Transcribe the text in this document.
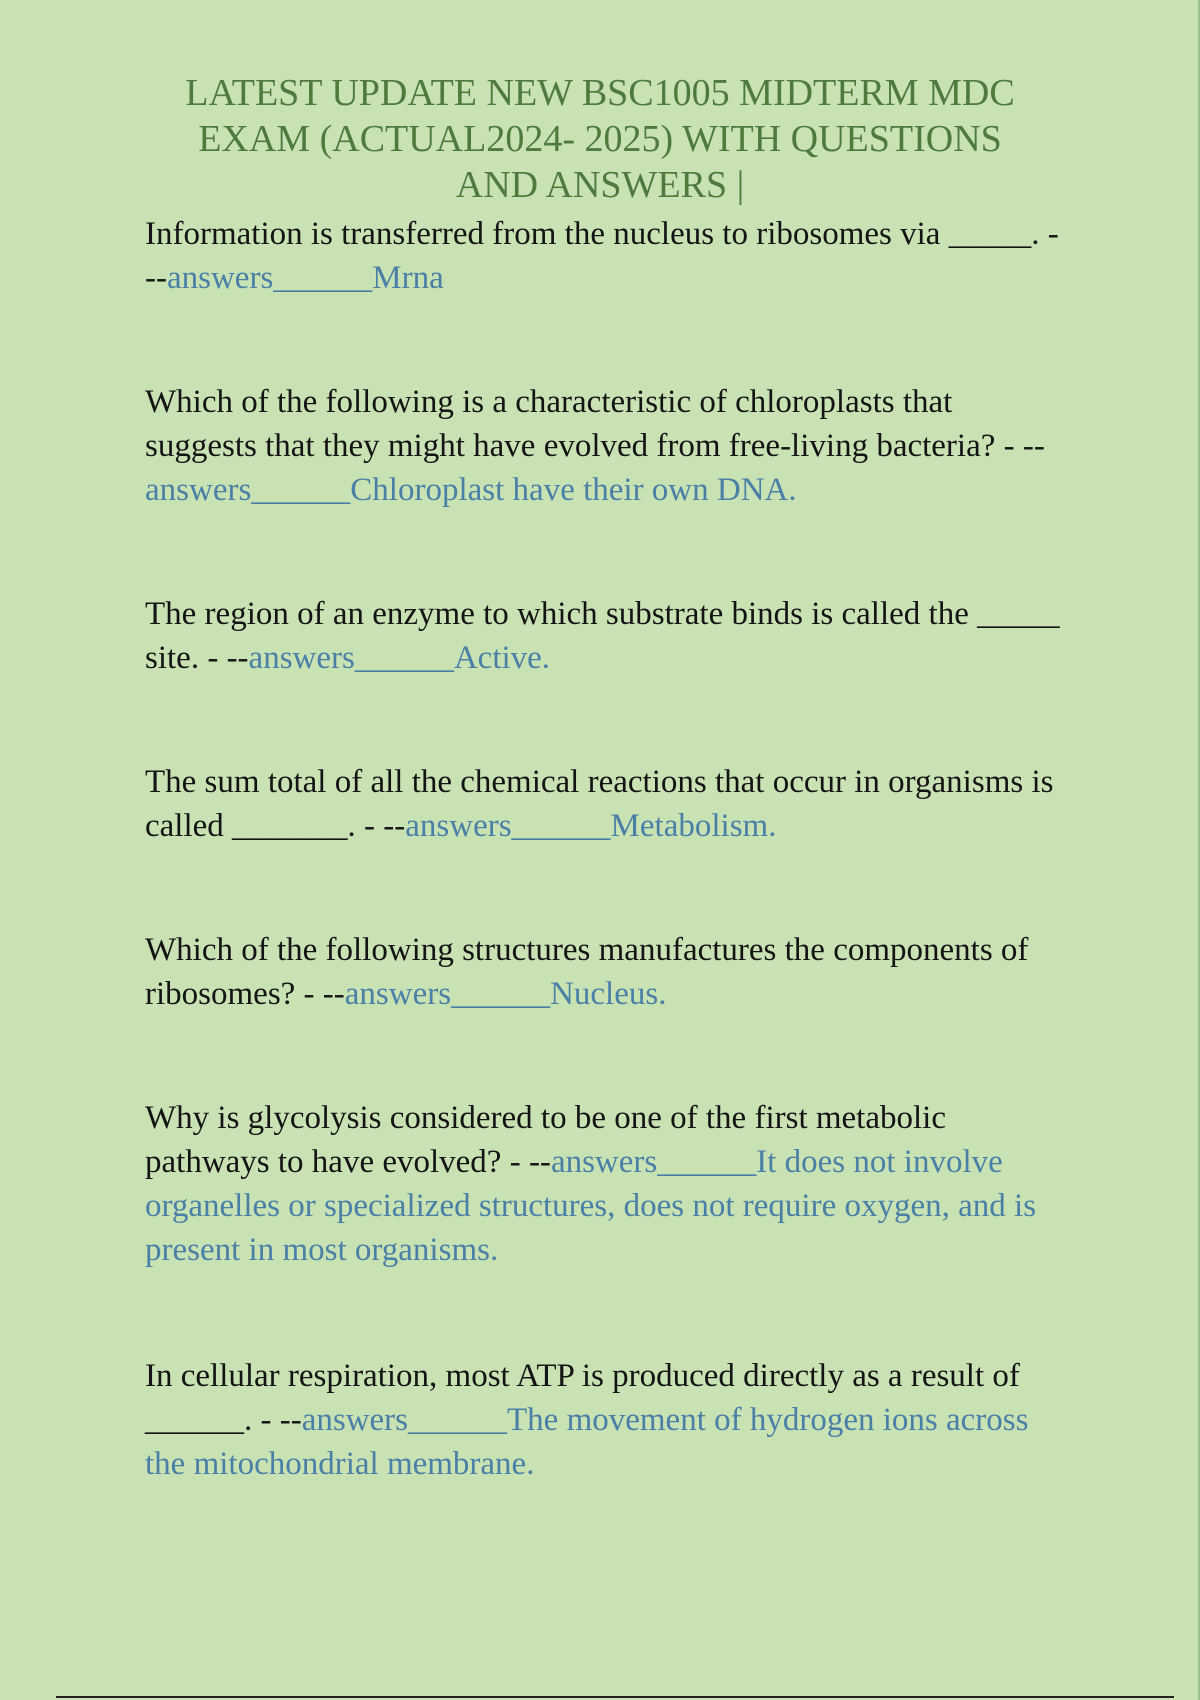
LATEST UPDATE NEW BSC1005 MIDTERM MDC
EXAM (ACTUAL2024- 2025) WITH QUESTIONS
AND ANSWERS |

Information is transferred from the nucleus to ribosomes via _____. - --answers______Mrna

Which of the following is a characteristic of chloroplasts that suggests that they might have evolved from free-living bacteria? - --answers______Chloroplast have their own DNA.

The region of an enzyme to which substrate binds is called the _____ site. - --answers______Active.

The sum total of all the chemical reactions that occur in organisms is called _______. - --answers______Metabolism.

Which of the following structures manufactures the components of ribosomes? - --answers______Nucleus.

Why is glycolysis considered to be one of the first metabolic pathways to have evolved? - --answers______It does not involve organelles or specialized structures, does not require oxygen, and is present in most organisms.

In cellular respiration, most ATP is produced directly as a result of ______. - --answers______The movement of hydrogen ions across the mitochondrial membrane.
